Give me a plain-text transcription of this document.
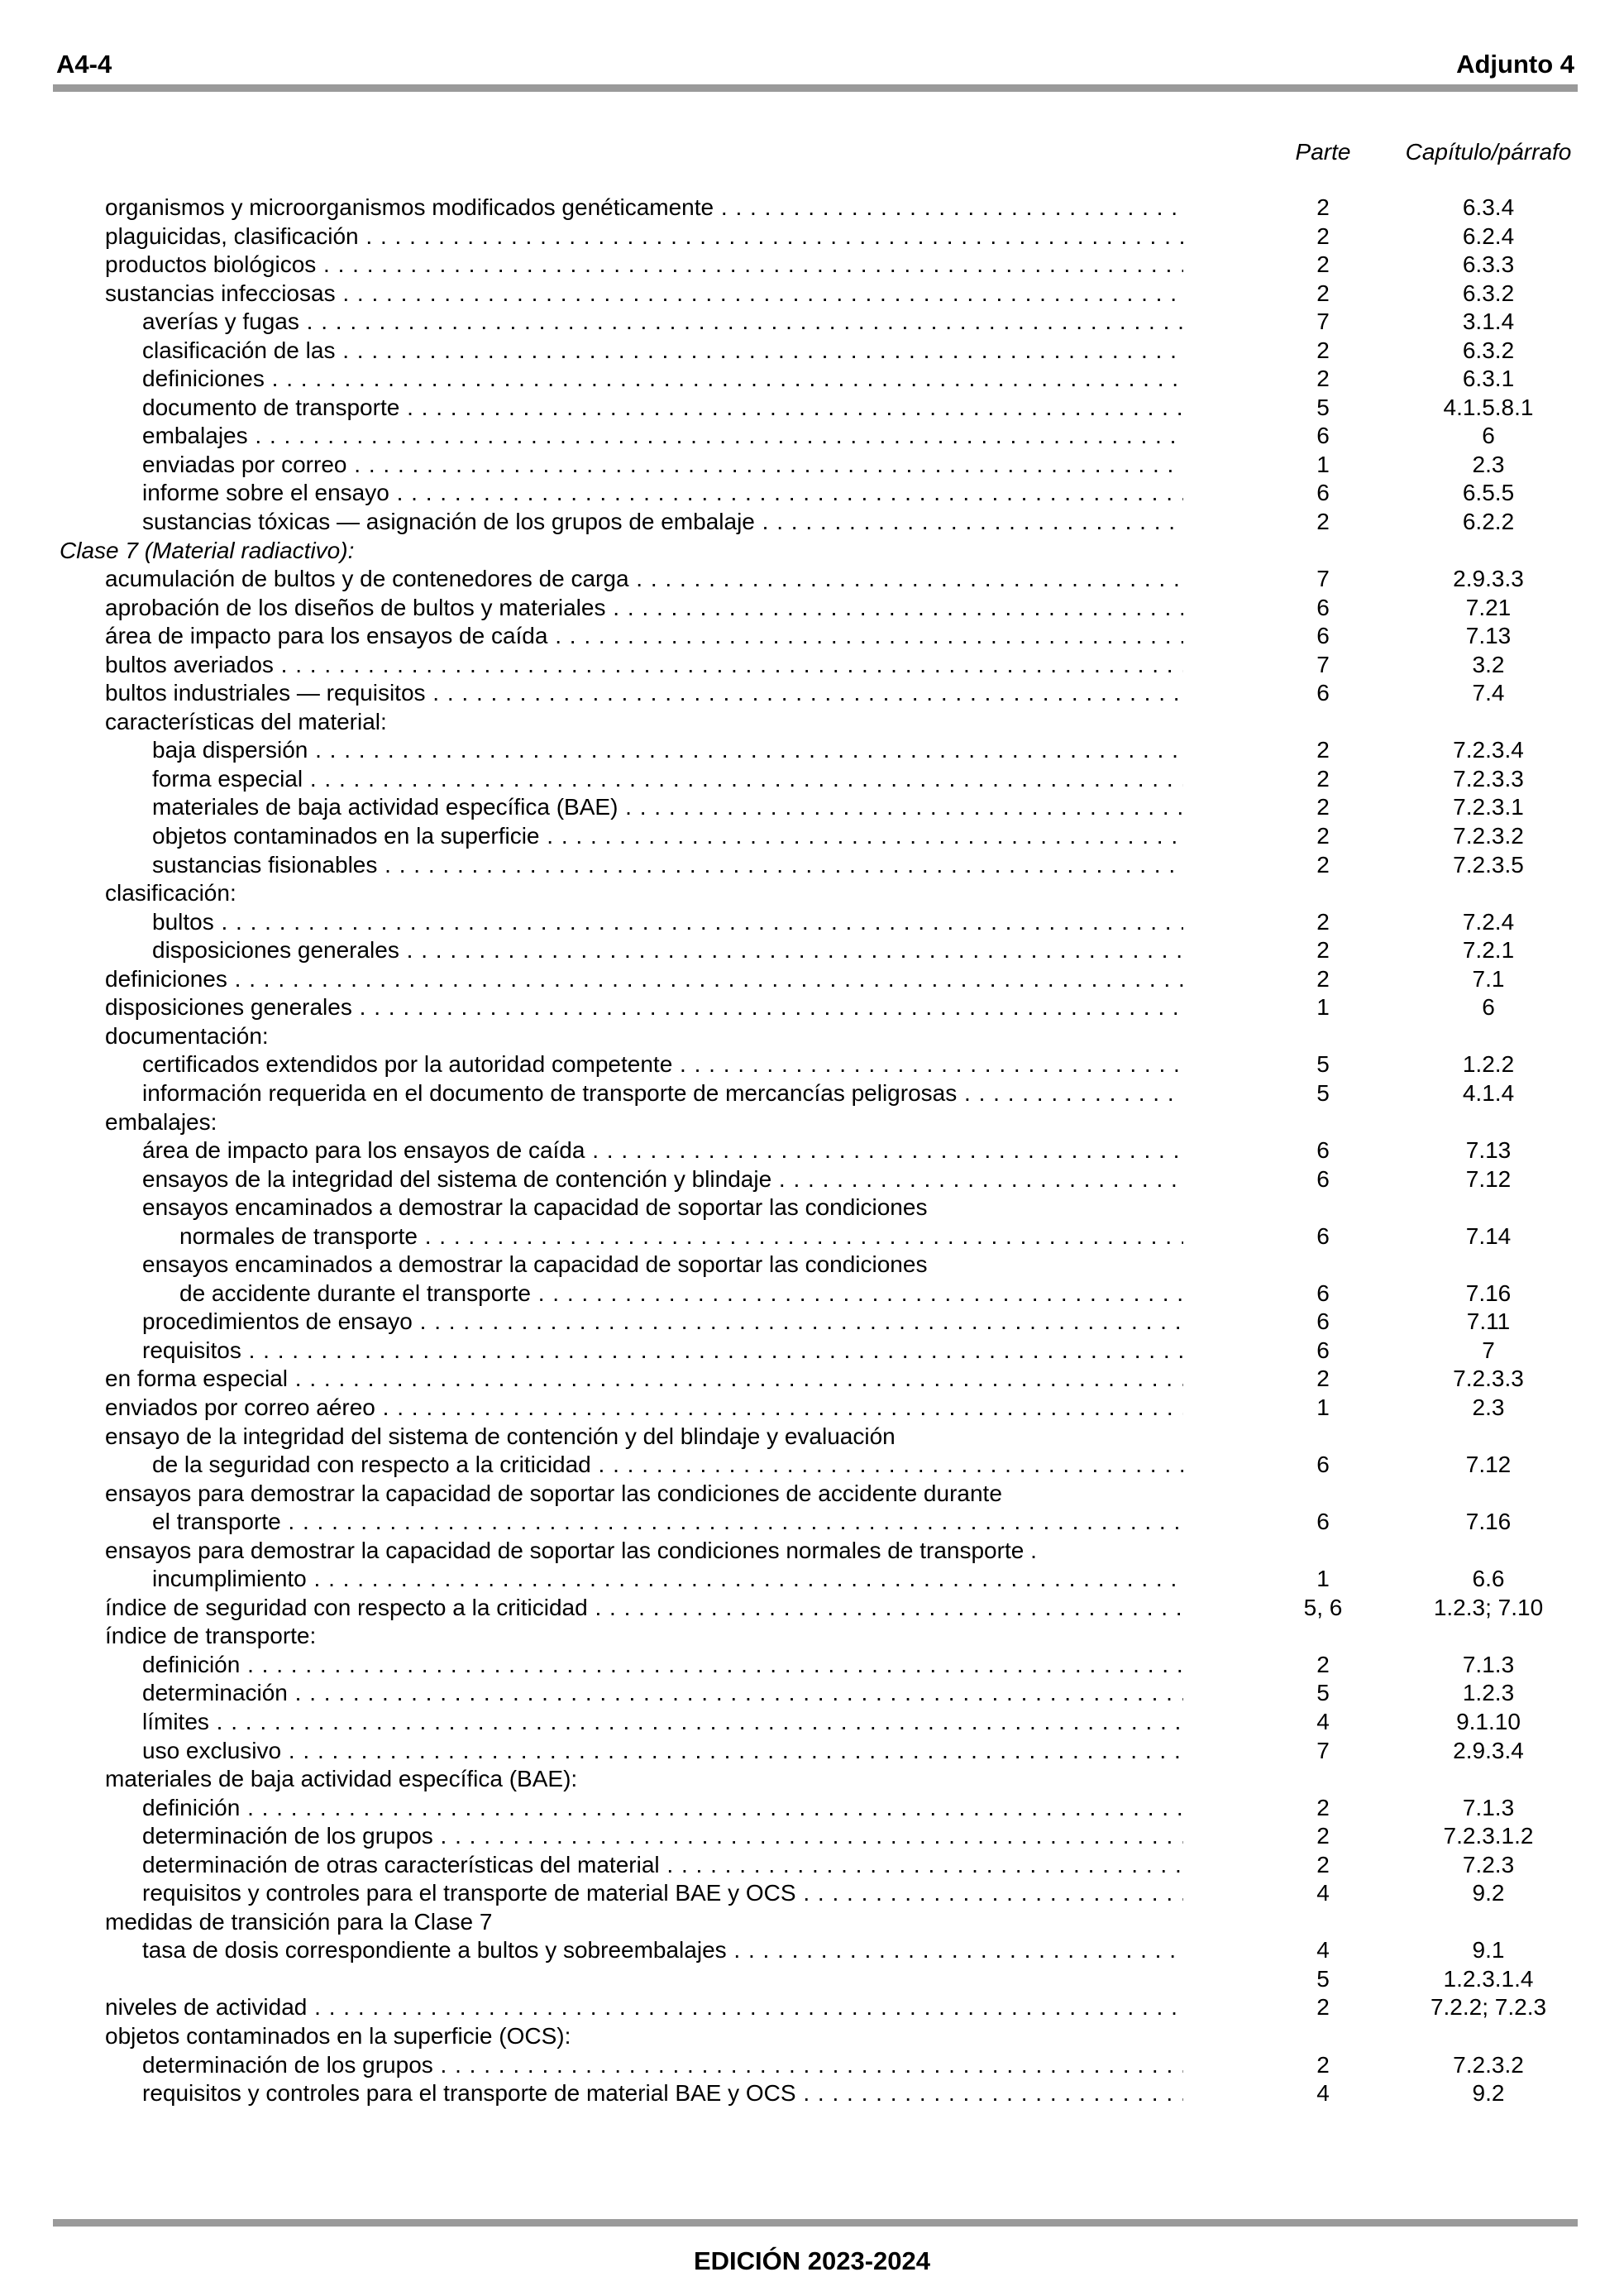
A4-4	Adjunto 4
Parte	Capítulo/párrafo
organismos y microorganismos modificados genéticamente . . .	2	6.3.4
plaguicidas, clasificación . . .	2	6.2.4
productos biológicos . . .	2	6.3.3
sustancias infecciosas . . .	2	6.3.2
averías y fugas . . .	7	3.1.4
clasificación de las . . .	2	6.3.2
definiciones . . .	2	6.3.1
documento de transporte . . .	5	4.1.5.8.1
embalajes . . .	6	6
enviadas por correo . . .	1	2.3
informe sobre el ensayo . . .	6	6.5.5
sustancias tóxicas — asignación de los grupos de embalaje . . .	2	6.2.2
Clase 7 (Material radiactivo):
acumulación de bultos y de contenedores de carga . . .	7	2.9.3.3
aprobación de los diseños de bultos y materiales . . .	6	7.21
área de impacto para los ensayos de caída . . .	6	7.13
bultos averiados . . .	7	3.2
bultos industriales — requisitos . . .	6	7.4
características del material:
baja dispersión . . .	2	7.2.3.4
forma especial . . .	2	7.2.3.3
materiales de baja actividad específica (BAE) . . .	2	7.2.3.1
objetos contaminados en la superficie . . .	2	7.2.3.2
sustancias fisionables . . .	2	7.2.3.5
clasificación:
bultos . . .	2	7.2.4
disposiciones generales . . .	2	7.2.1
definiciones . . .	2	7.1
disposiciones generales . . .	1	6
documentación:
certificados extendidos por la autoridad competente . . .	5	1.2.2
información requerida en el documento de transporte de mercancías peligrosas . . .	5	4.1.4
embalajes:
área de impacto para los ensayos de caída . . .	6	7.13
ensayos de la integridad del sistema de contención y blindaje . . .	6	7.12
ensayos encaminados a demostrar la capacidad de soportar las condiciones
normales de transporte . . .	6	7.14
ensayos encaminados a demostrar la capacidad de soportar las condiciones
de accidente durante el transporte . . .	6	7.16
procedimientos de ensayo . . .	6	7.11
requisitos . . .	6	7
en forma especial . . .	2	7.2.3.3
enviados por correo aéreo . . .	1	2.3
ensayo de la integridad del sistema de contención y del blindaje y evaluación
de la seguridad con respecto a la criticidad . . .	6	7.12
ensayos para demostrar la capacidad de soportar las condiciones de accidente durante
el transporte . . .	6	7.16
ensayos para demostrar la capacidad de soportar las condiciones normales de transporte .
incumplimiento . . .	1	6.6
índice de seguridad con respecto a la criticidad . . .	5, 6	1.2.3; 7.10
índice de transporte:
definición . . .	2	7.1.3
determinación . . .	5	1.2.3
límites . . .	4	9.1.10
uso exclusivo . . .	7	2.9.3.4
materiales de baja actividad específica (BAE):
definición . . .	2	7.1.3
determinación de los grupos . . .	2	7.2.3.1.2
determinación de otras características del material . . .	2	7.2.3
requisitos y controles para el transporte de material BAE y OCS . . .	4	9.2
medidas de transición para la Clase 7
tasa de dosis correspondiente a bultos y sobreembalajes . . .	4	9.1
5	1.2.3.1.4
niveles de actividad . . .	2	7.2.2; 7.2.3
objetos contaminados en la superficie (OCS):
determinación de los grupos . . .	2	7.2.3.2
requisitos y controles para el transporte de material BAE y OCS . . .	4	9.2
EDICIÓN 2023-2024
